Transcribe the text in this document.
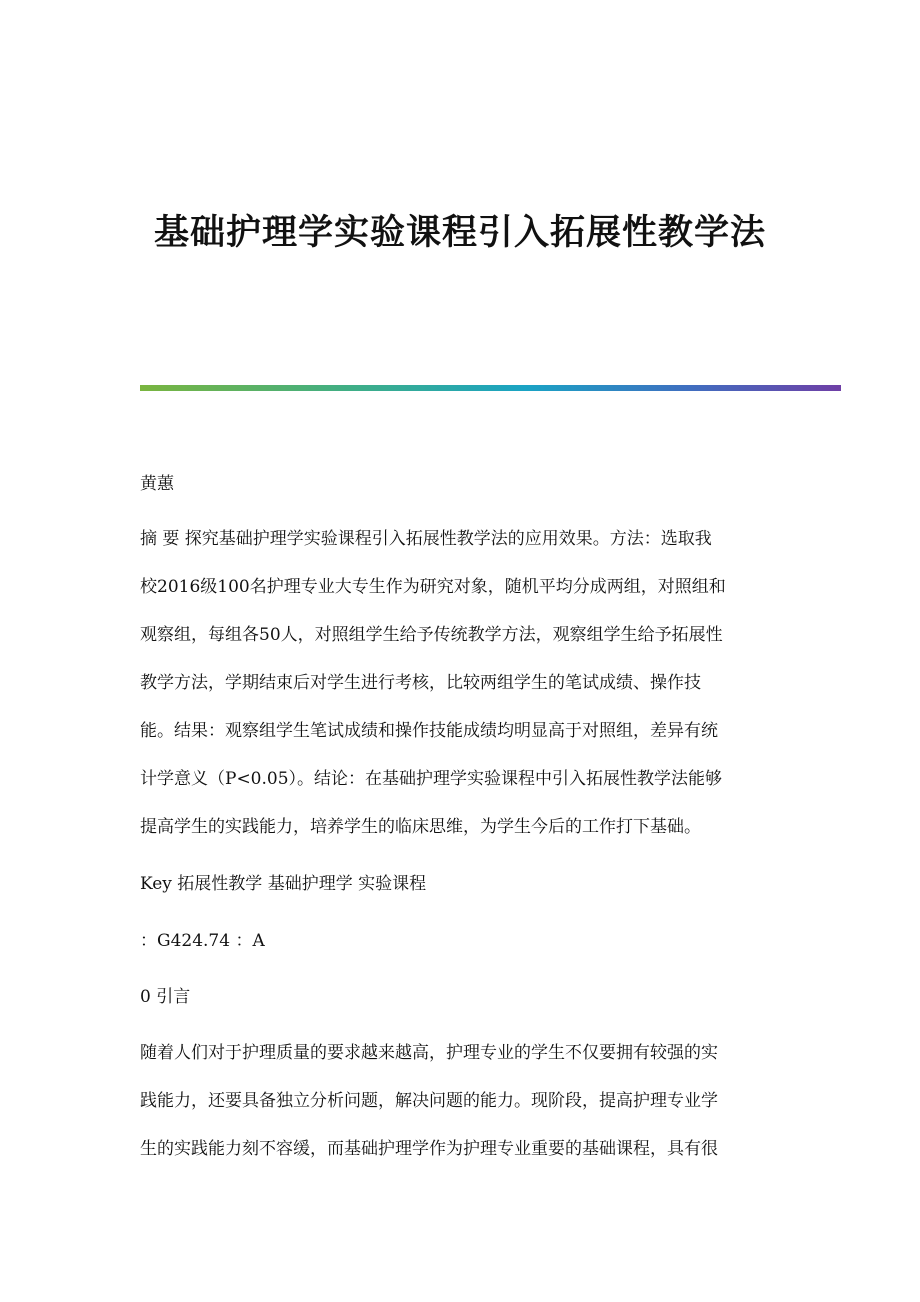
基础护理学实验课程引入拓展性教学法
黄蕙
摘 要 探究基础护理学实验课程引入拓展性教学法的应用效果。方法：选取我
校2016级100名护理专业大专生作为研究对象，随机平均分成两组，对照组和
观察组，每组各50人，对照组学生给予传统教学方法，观察组学生给予拓展性
教学方法，学期结束后对学生进行考核，比较两组学生的笔试成绩、操作技
能。结果：观察组学生笔试成绩和操作技能成绩均明显高于对照组，差异有统
计学意义（P<0.05）。结论：在基础护理学实验课程中引入拓展性教学法能够
提高学生的实践能力，培养学生的临床思维，为学生今后的工作打下基础。
Key 拓展性教学 基础护理学 实验课程
：G424.74 ：A
0 引言
随着人们对于护理质量的要求越来越高，护理专业的学生不仅要拥有较强的实
践能力，还要具备独立分析问题，解决问题的能力。现阶段，提高护理专业学
生的实践能力刻不容缓，而基础护理学作为护理专业重要的基础课程，具有很
